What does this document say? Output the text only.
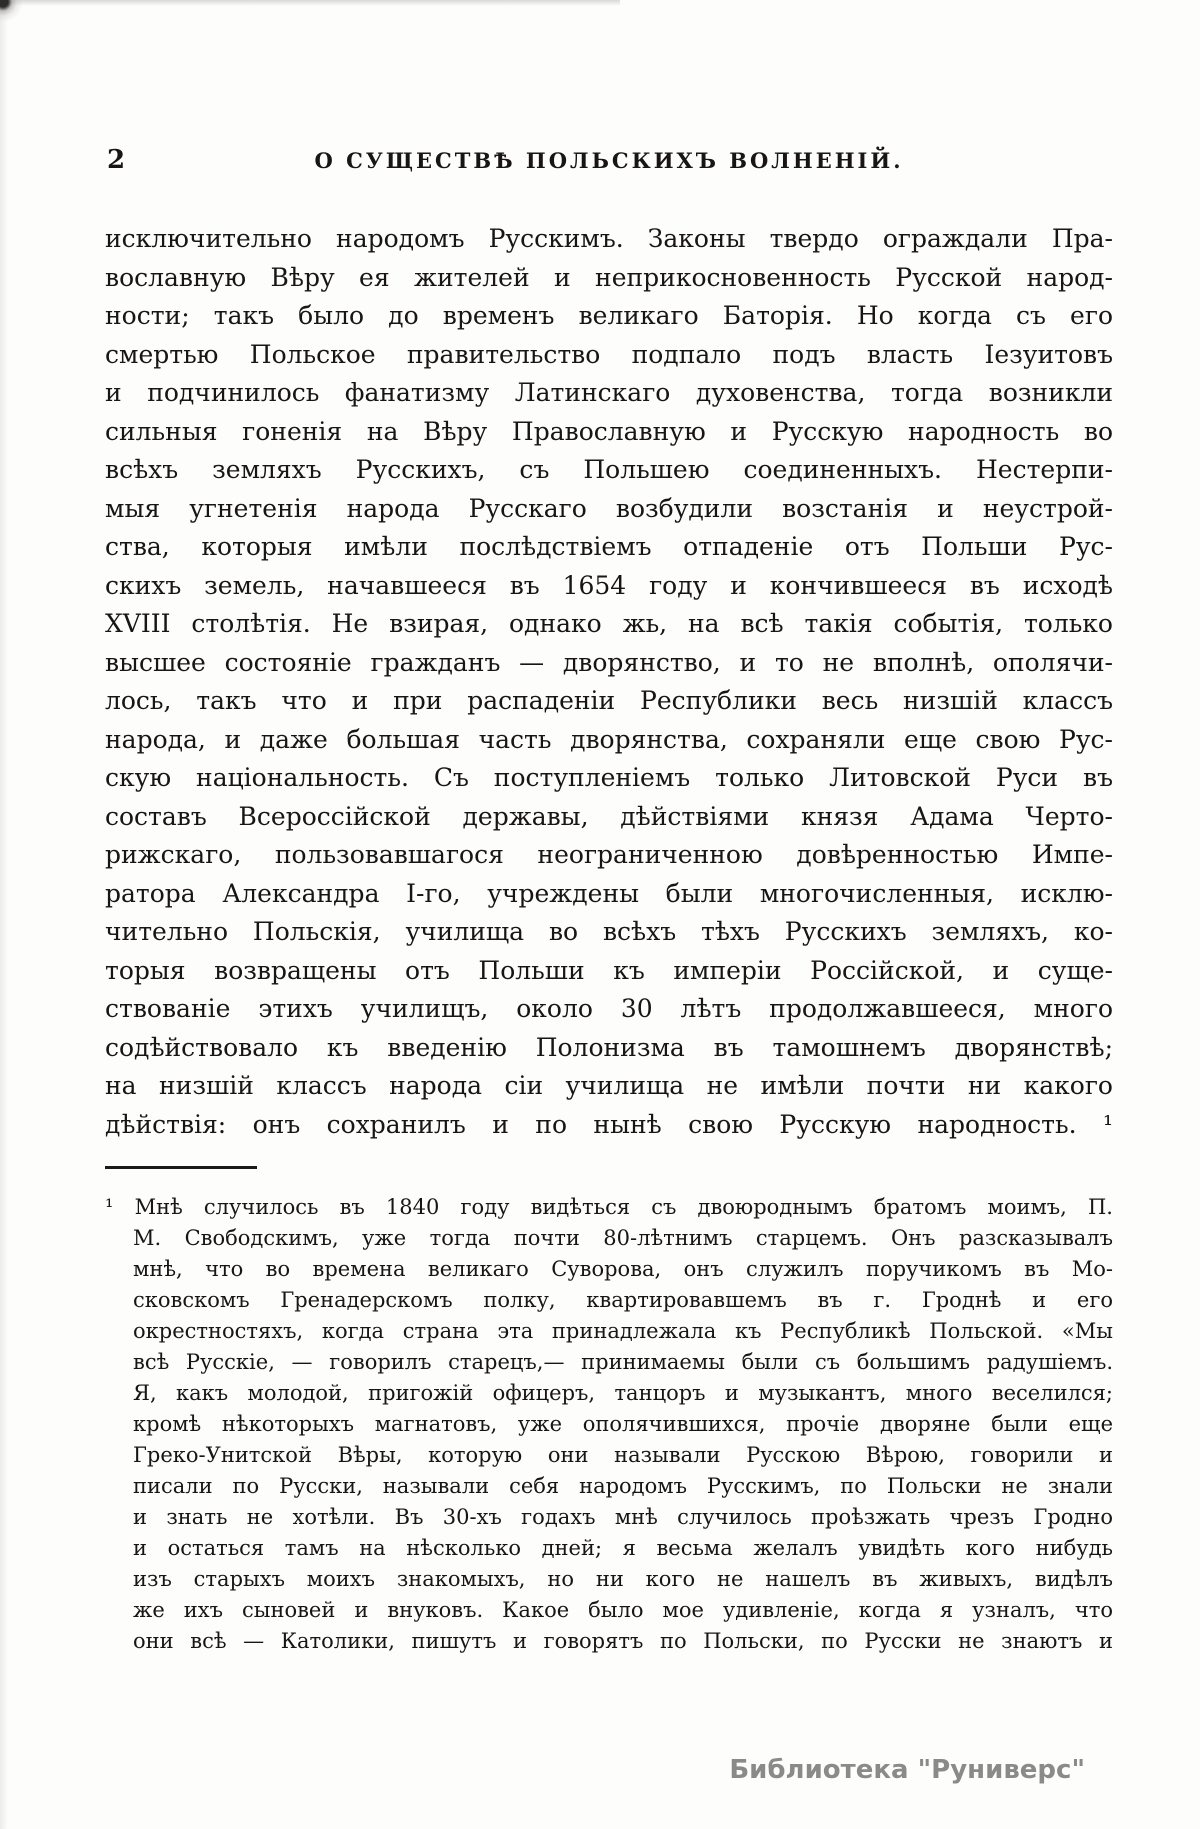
2	О СУЩЕСТВѢ ПОЛЬСКИХЪ ВОЛНЕНІЙ.
исключительно народомъ Русскимъ. Законы твердо ограждали Пра-
вославную Вѣру ея жителей и неприкосновенность Русской народ-
ности; такъ было до временъ великаго Баторія. Но когда съ его
смертью Польское правительство подпало подъ власть Іезуитовъ
и подчинилось фанатизму Латинскаго духовенства, тогда возникли
сильныя гоненія на Вѣру Православную и Русскую народность во
всѣхъ земляхъ Русскихъ, съ Польшею соединенныхъ. Нестерпи-
мыя угнетенія народа Русскаго возбудили возстанія и неустрой-
ства, которыя имѣли послѣдствіемъ отпаденіе отъ Польши Рус-
скихъ земель, начавшееся въ 1654 году и кончившееся въ исходѣ
XVIII столѣтія. Не взирая, однако жь, на всѣ такія событія, только
высшее состояніе гражданъ — дворянство, и то не вполнѣ, ополячи-
лось, такъ что и при распаденіи Республики весь низшій классъ
народа, и даже большая часть дворянства, сохраняли еще свою Рус-
скую національность. Съ поступленіемъ только Литовской Руси въ
составъ Всероссійской державы, дѣйствіями князя Адама Черто-
рижскаго, пользовавшагося неограниченною довѣренностью Импе-
ратора Александра I-го, учреждены были многочисленныя, исклю-
чительно Польскія, училища во всѣхъ тѣхъ Русскихъ земляхъ, ко-
торыя возвращены отъ Польши къ имперіи Россійской, и суще-
ствованіе этихъ училищъ, около 30 лѣтъ продолжавшееся, много
содѣйствовало къ введенію Полонизма въ тамошнемъ дворянствѣ;
на низшій классъ народа сіи училища не имѣли почти ни какого
дѣйствія: онъ сохранилъ и по нынѣ свою Русскую народность. ¹
¹ Мнѣ случилось въ 1840 году видѣться съ двоюроднымъ братомъ моимъ, П.
М. Свободскимъ, уже тогда почти 80-лѣтнимъ старцемъ. Онъ разсказывалъ
мнѣ, что во времена великаго Суворова, онъ служилъ поручикомъ въ Мо-
сковскомъ Гренадерскомъ полку, квартировавшемъ въ г. Гроднѣ и его
окрестностяхъ, когда страна эта принадлежала къ Республикѣ Польской. «Мы
всѣ Русскіе, — говорилъ старецъ,— принимаемы были съ большимъ радушіемъ.
Я, какъ молодой, пригожій офицеръ, танцоръ и музыкантъ, много веселился;
кромѣ нѣкоторыхъ магнатовъ, уже ополячившихся, прочіе дворяне были еще
Греко-Унитской Вѣры, которую они называли Русскою Вѣрою, говорили и
писали по Русски, называли себя народомъ Русскимъ, по Польски не знали
и знать не хотѣли. Въ 30-хъ годахъ мнѣ случилось проѣзжать чрезъ Гродно
и остаться тамъ на нѣсколько дней; я весьма желалъ увидѣть кого нибудь
изъ старыхъ моихъ знакомыхъ, но ни кого не нашелъ въ живыхъ, видѣлъ
же ихъ сыновей и внуковъ. Какое было мое удивленіе, когда я узналъ, что
они всѣ — Католики, пишутъ и говорятъ по Польски, по Русски не знаютъ и
Библиотека "Руниверс"
